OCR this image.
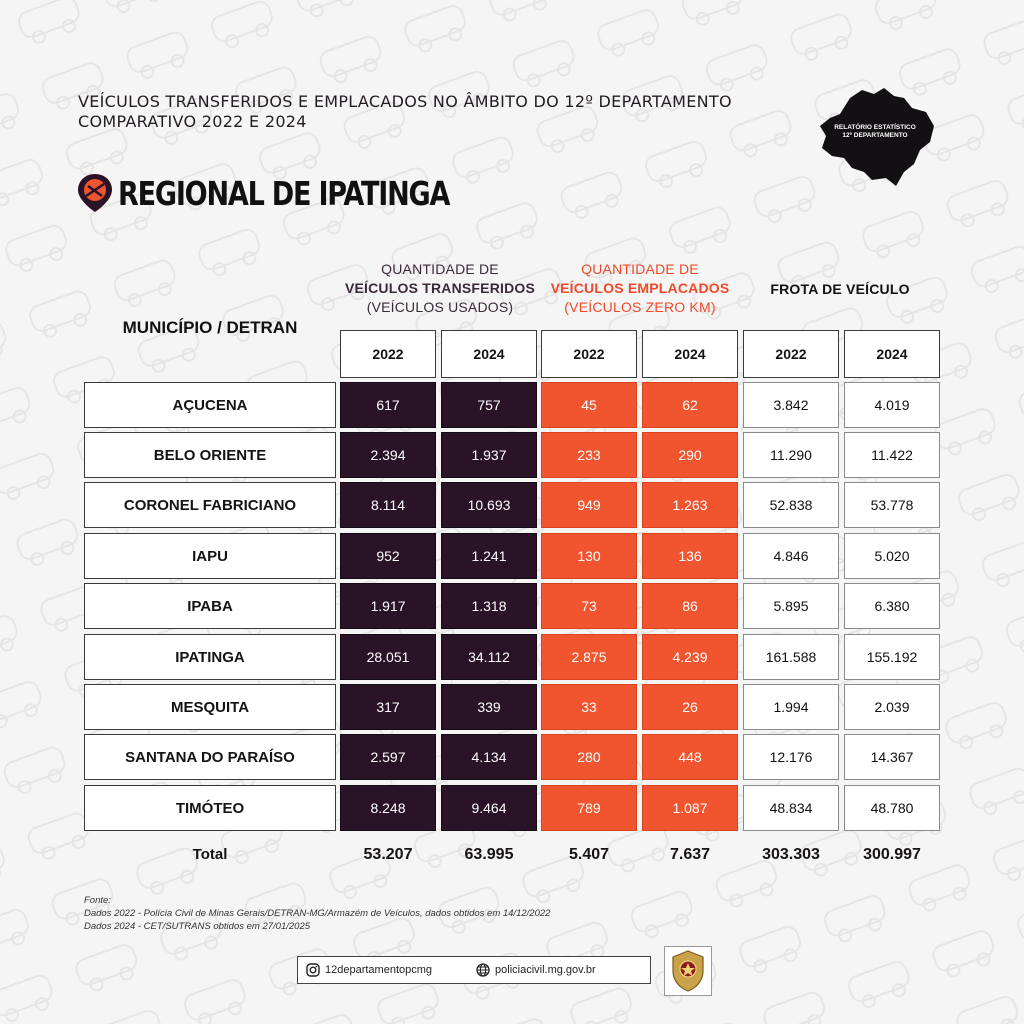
VEÍCULOS TRANSFERIDOS E EMPLACADOS NO ÂMBITO DO 12º DEPARTAMENTO
COMPARATIVO 2022 E 2024	RELATÓRIO ESTATÍSTICO
12º DEPARTAMENTO
REGIONAL DE IPATINGA
QUANTIDADE DE
VEÍCULOS TRANSFERIDOS
(VEÍCULOS USADOS)
QUANTIDADE DE
VEÍCULOS EMPLACADOS
(VEÍCULOS ZERO KM)
FROTA DE VEÍCULO
MUNICÍPIO / DETRAN
2022	2024	2022	2024	2022	2024
AÇUCENA	617	757	45	62	3.842	4.019
BELO ORIENTE	2.394	1.937	233	290	11.290	11.422
CORONEL FABRICIANO	8.114	10.693	949	1.263	52.838	53.778
IAPU	952	1.241	130	136	4.846	5.020
IPABA	1.917	1.318	73	86	5.895	6.380
IPATINGA	28.051	34.112	2.875	4.239	161.588	155.192
MESQUITA	317	339	33	26	1.994	2.039
SANTANA DO PARAÍSO	2.597	4.134	280	448	12.176	14.367
TIMÓTEO	8.248	9.464	789	1.087	48.834	48.780
Total	53.207	63.995	5.407	7.637	303.303	300.997
Fonte:
Dados 2022 - Polícia Civil de Minas Gerais/DETRAN-MG/Armazém de Veículos, dados obtidos em 14/12/2022
Dados 2024 - CET/SUTRANS obtidos em 27/01/2025
12departamentopcmg	policiacivil.mg.gov.br
